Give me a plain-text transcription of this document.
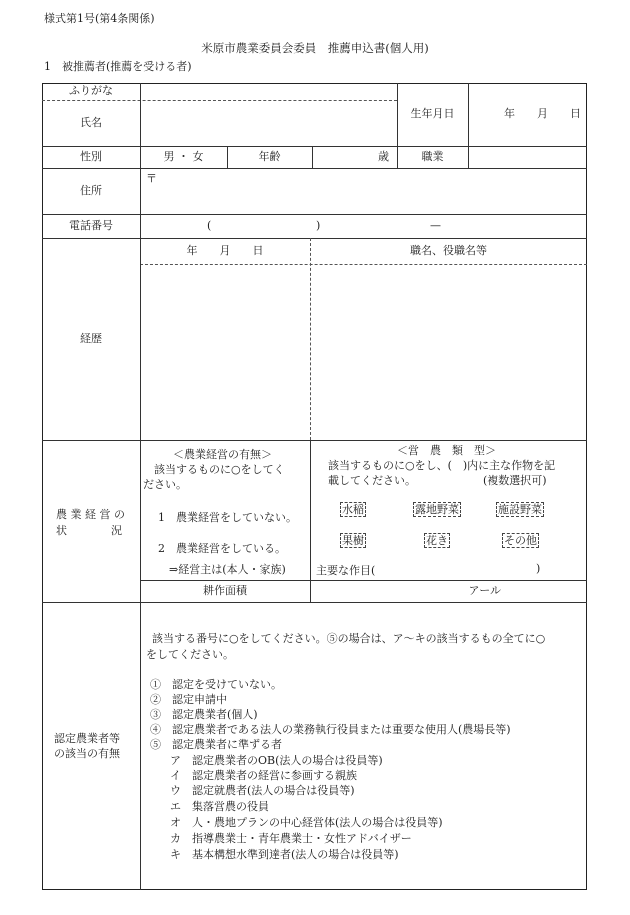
様式第1号(第4条関係)
米原市農業委員会委員　推薦申込書(個人用)
1　被推薦者(推薦を受ける者)
ふりがな
氏名
生年月日	年　　月　　日
性別	男 ・ 女	年齢	歳	職業
住所
〒
電話番号	(	)	—
経歴
年　　月　　日	職名、役職名等
農 業 経 営 の
状　　　　況
＜農業経営の有無＞
　該当するものに○をしてく
ださい。
1　農業経営をしていない。
2　農業経営をしている。
⇒経営主は(本人・家族)
＜営　農　類　型＞
該当するものに○をし、(　)内に主な作物を記
載してください。	(複数選択可)
水稲	露地野菜	施設野菜
果樹	花き	その他
主要な作目(	)
耕作面積	アール
認定農業者等
の該当の有無
該当する番号に○をしてください。⑤の場合は、ア～キの該当するもの全てに○
をしてください。
①　認定を受けていない。
②　認定申請中
③　認定農業者(個人)
④　認定農業者である法人の業務執行役員または重要な使用人(農場長等)
⑤　認定農業者に準ずる者
ア　認定農業者のOB(法人の場合は役員等)
イ　認定農業者の経営に参画する親族
ウ　認定就農者(法人の場合は役員等)
エ　集落営農の役員
オ　人・農地プランの中心経営体(法人の場合は役員等)
カ　指導農業士・青年農業士・女性アドバイザー
キ　基本構想水準到達者(法人の場合は役員等)
